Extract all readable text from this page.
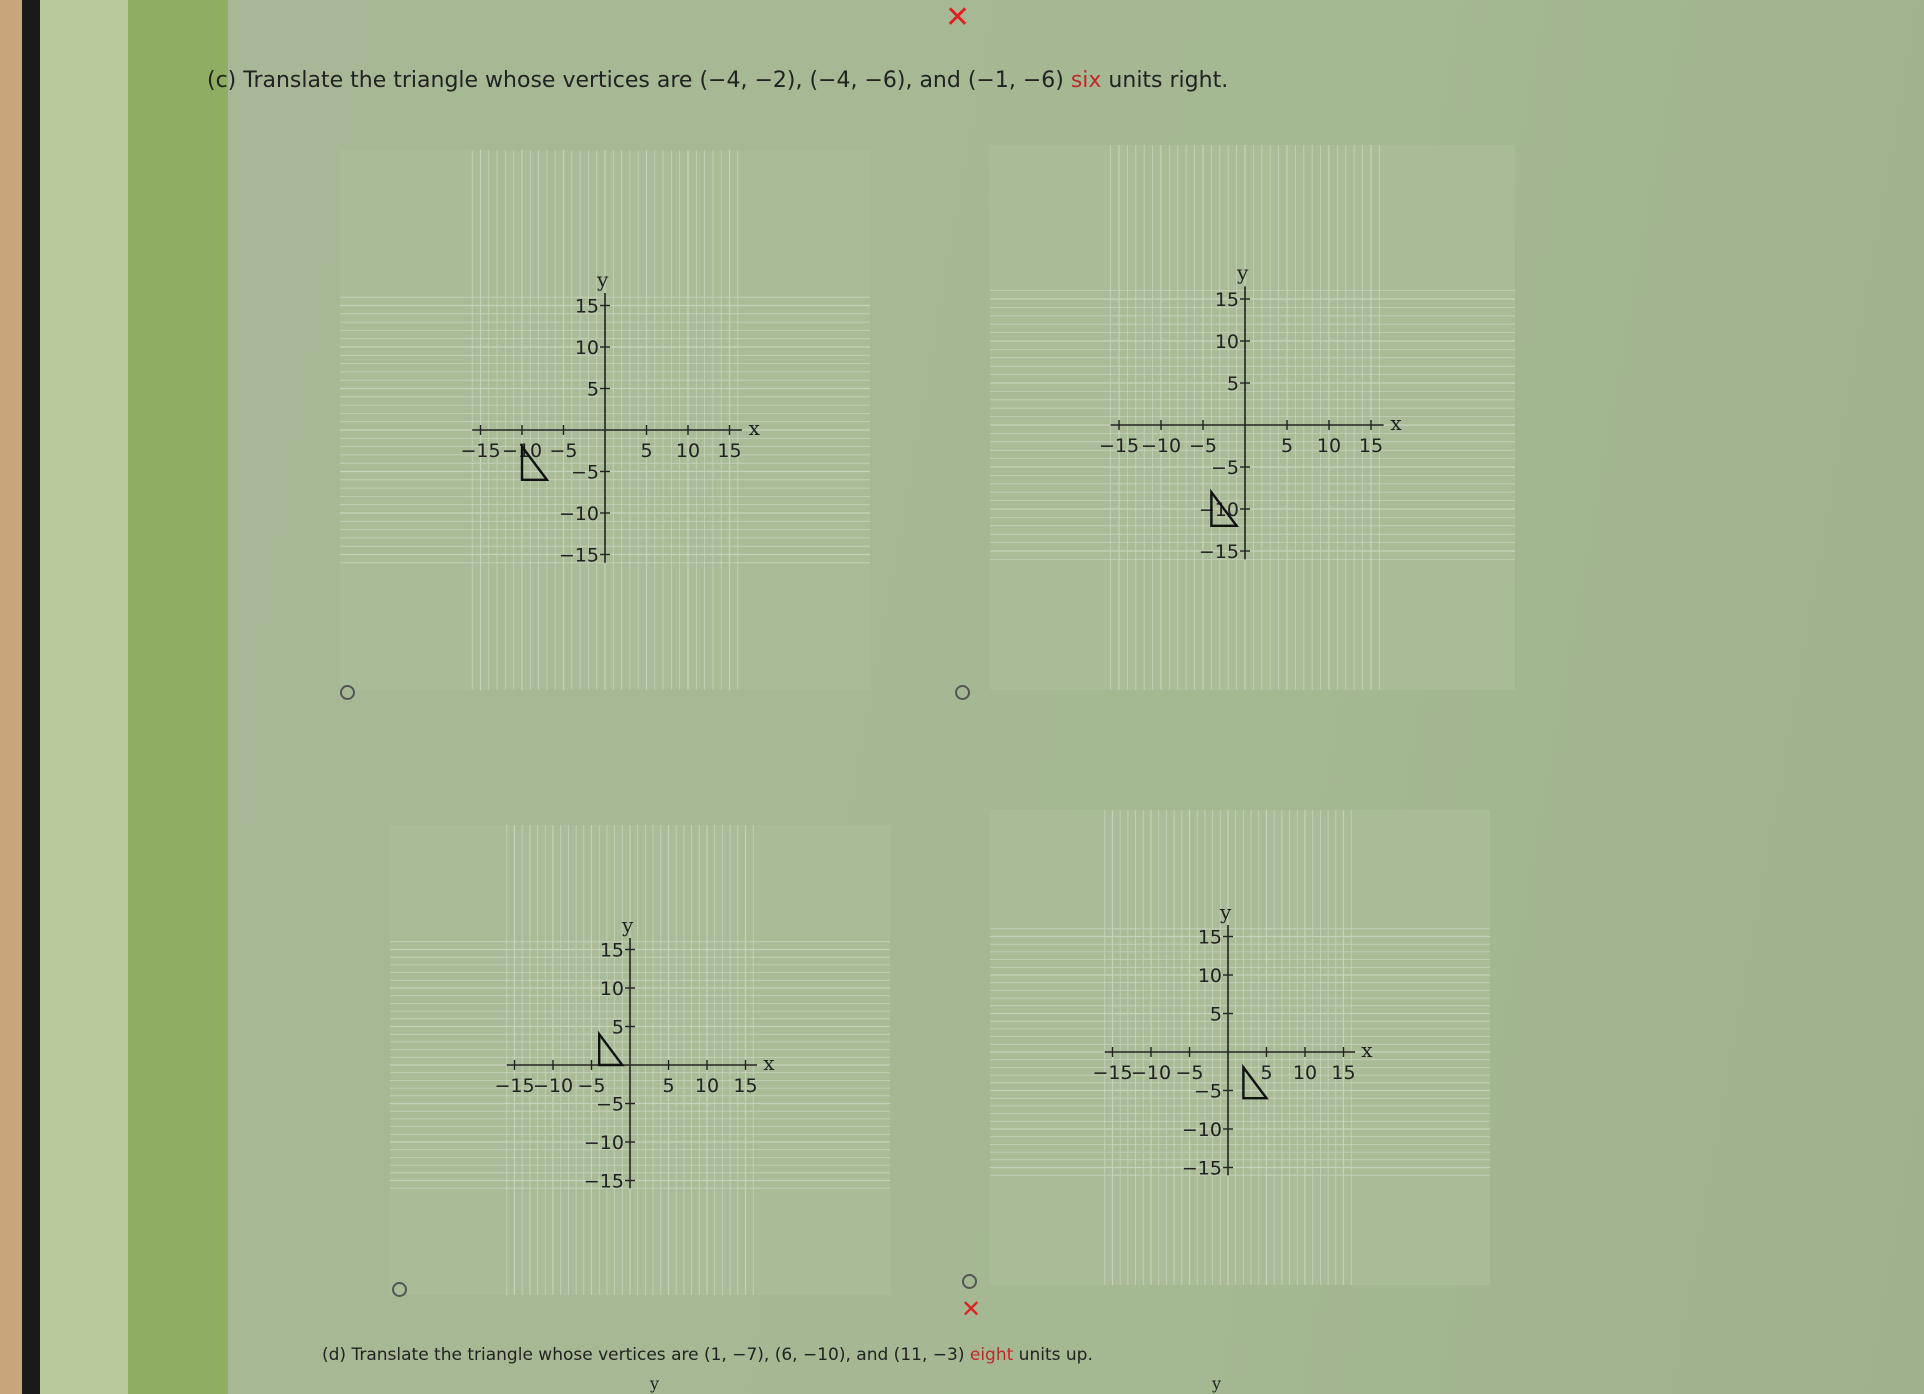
✕
(c) Translate the triangle whose vertices are (−4, −2), (−4, −6), and (−1, −6) six units right.
x
y
−15 −10 −5	5 10 15
15
10
5
−5
−10
−15
x
y
−15 −10 −5	5 10 15
15
10
5
−5
−10
−15
x
y
−15
−10 −5	5 10 15
15
10
5
−5
−10
−15
x
y
−15
−10 −5	5 10 15
15
10
5
−5
−10
−15
✕
(d) Translate the triangle whose vertices are (1, −7), (6, −10), and (11, −3) eight units up.
y	y
